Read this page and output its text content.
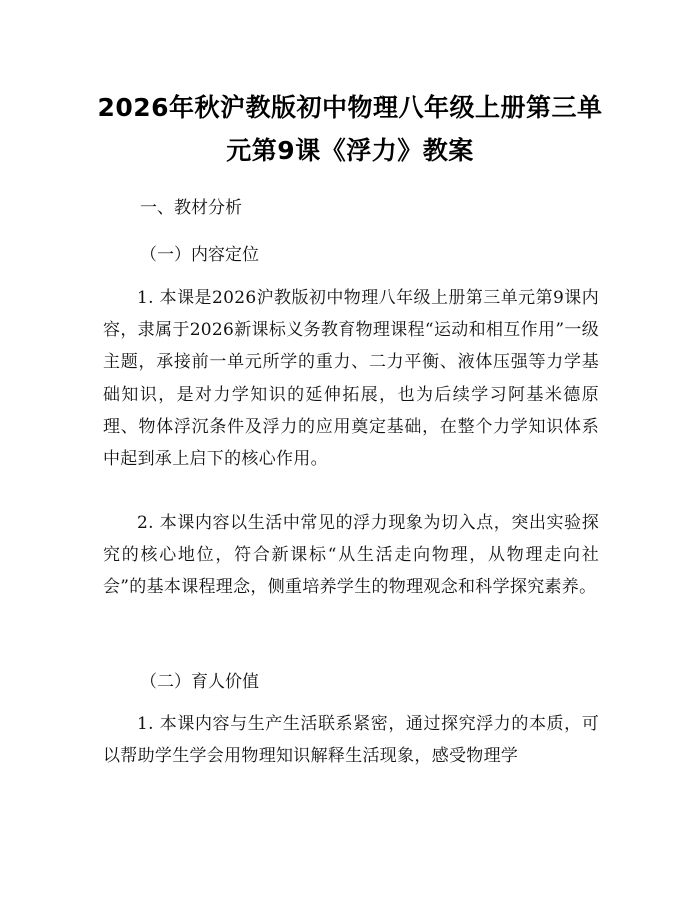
2026年秋沪教版初中物理八年级上册第三单
元第9课《浮力》教案
一、教材分析
（一）内容定位
1. 本课是2026沪教版初中物理八年级上册第三单元第9课内容，隶属于2026新课标义务教育物理课程“运动和相互作用”一级主题，承接前一单元所学的重力、二力平衡、液体压强等力学基础知识，是对力学知识的延伸拓展，也为后续学习阿基米德原理、物体浮沉条件及浮力的应用奠定基础，在整个力学知识体系中起到承上启下的核心作用。
2. 本课内容以生活中常见的浮力现象为切入点，突出实验探究的核心地位，符合新课标“从生活走向物理，从物理走向社会”的基本课程理念，侧重培养学生的物理观念和科学探究素养。
（二）育人价值
1. 本课内容与生产生活联系紧密，通过探究浮力的本质，可以帮助学生学会用物理知识解释生活现象，感受物理学
